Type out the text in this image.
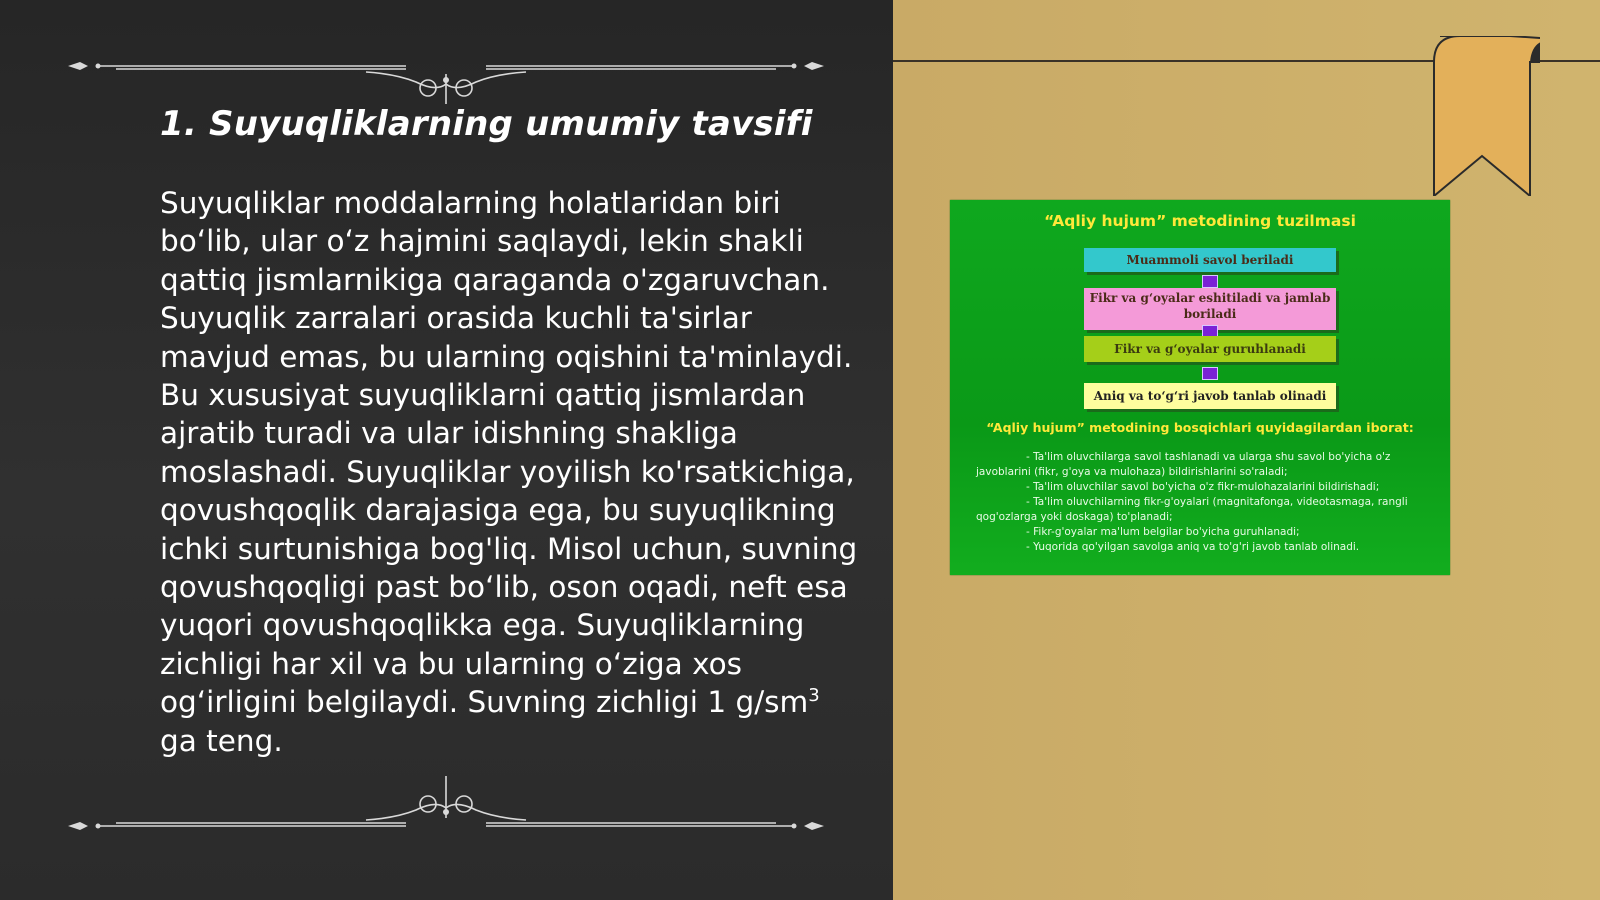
1. Suyuqliklarning umumiy tavsifi

Suyuqliklar moddalarning holatlaridan biri bo‘lib, ular o‘z hajmini saqlaydi, lekin shakli qattiq jismlarnikiga qaraganda o'zgaruvchan. Suyuqlik zarralari orasida kuchli ta'sirlar mavjud emas, bu ularning oqishini ta'minlaydi. Bu xususiyat suyuqliklarni qattiq jismlardan ajratib turadi va ular idishning shakliga moslashadi. Suyuqliklar yoyilish ko'rsatkichiga, qovushqoqlik darajasiga ega, bu suyuqlikning ichki surtunishiga bog'liq. Misol uchun, suvning qovushqoqligi past bo‘lib, oson oqadi, neft esa yuqori qovushqoqlikka ega. Suyuqliklarning zichligi har xil va bu ularning o‘ziga xos og‘irligini belgilaydi. Suvning zichligi 1 $g/sm^3$ ga teng.

“Aqliy hujum” metodining tuzilmasi
Muammoli savol beriladi
Fikr va g‘oyalar eshitiladi va jamlab boriladi
Fikr va g‘oyalar guruhlanadi
Aniq va to‘g‘ri javob tanlab olinadi
“Aqliy hujum” metodining bosqichlari quyidagilardan iborat:
- Ta'lim oluvchilarga savol tashlanadi va ularga shu savol bo'yicha o'z javoblarini (fikr, g'oya va mulohaza) bildirishlarini so'raladi;
- Ta'lim oluvchilar savol bo'yicha o'z fikr-mulohazalarini bildirishadi;
- Ta'lim oluvchilarning fikr-g'oyalari (magnitafonga, videotasmaga, rangli qog'ozlarga yoki doskaga) to'planadi;
- Fikr-g'oyalar ma'lum belgilar bo'yicha guruhlanadi;
- Yuqorida qo'yilgan savolga aniq va to'g'ri javob tanlab olinadi.
